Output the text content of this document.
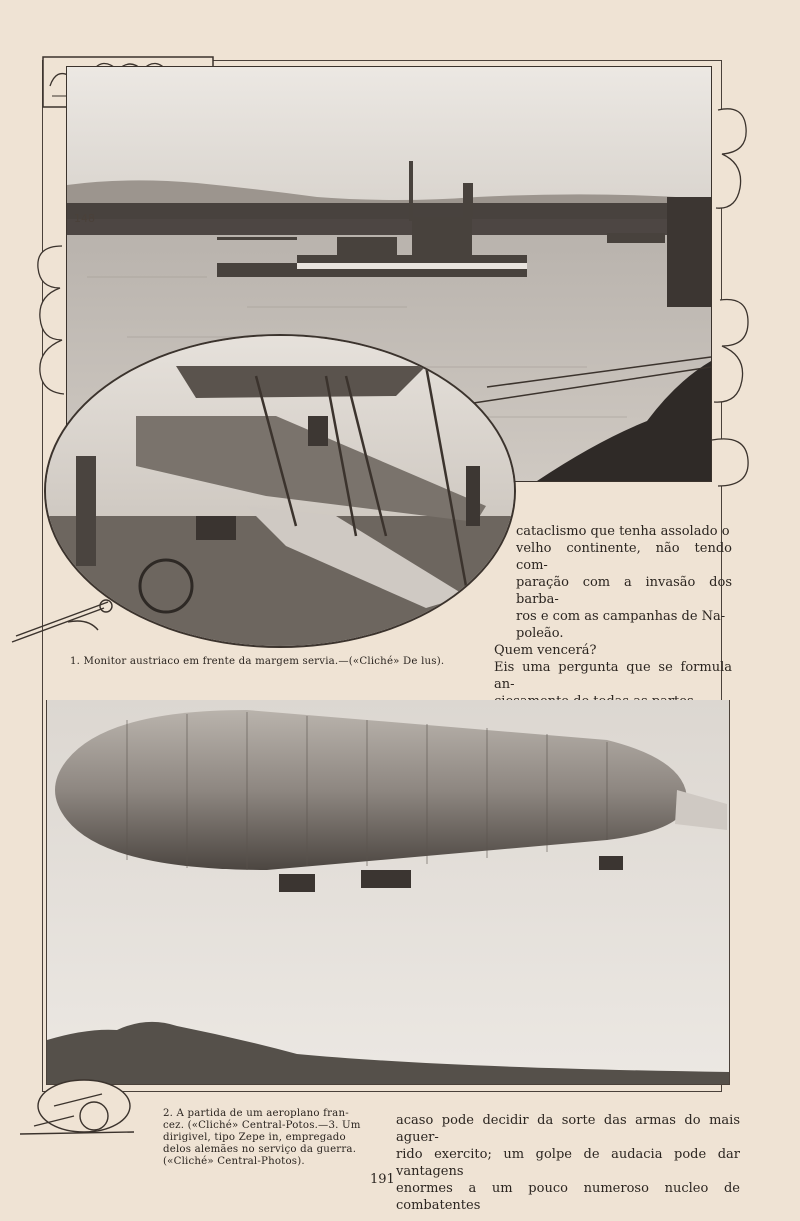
148
1. Monitor austriaco em frente da margem servia.—(«Cliché» De lus).

cataclismo que tenha assolado o

velho continente, não tendo com-

paração com a invasão dos barba-

ros e com as campanhas de Na-

poleão.

Quem vencerá?

Eis uma pergunta que se formula an-

2. A partida de um aeroplano fran-
cez. («Cliché» Central-Potos.—3. Um
dirigivel, tipo Zepe in, empregado
delos alemães no serviço da guerra.
(«Cliché» Central-Photos).

acaso pode decidir da sorte das armas do mais aguer-

rido exercito; um golpe de audacia pode dar vantagens

enormes a um pouco numeroso nucleo de combatentes

191
